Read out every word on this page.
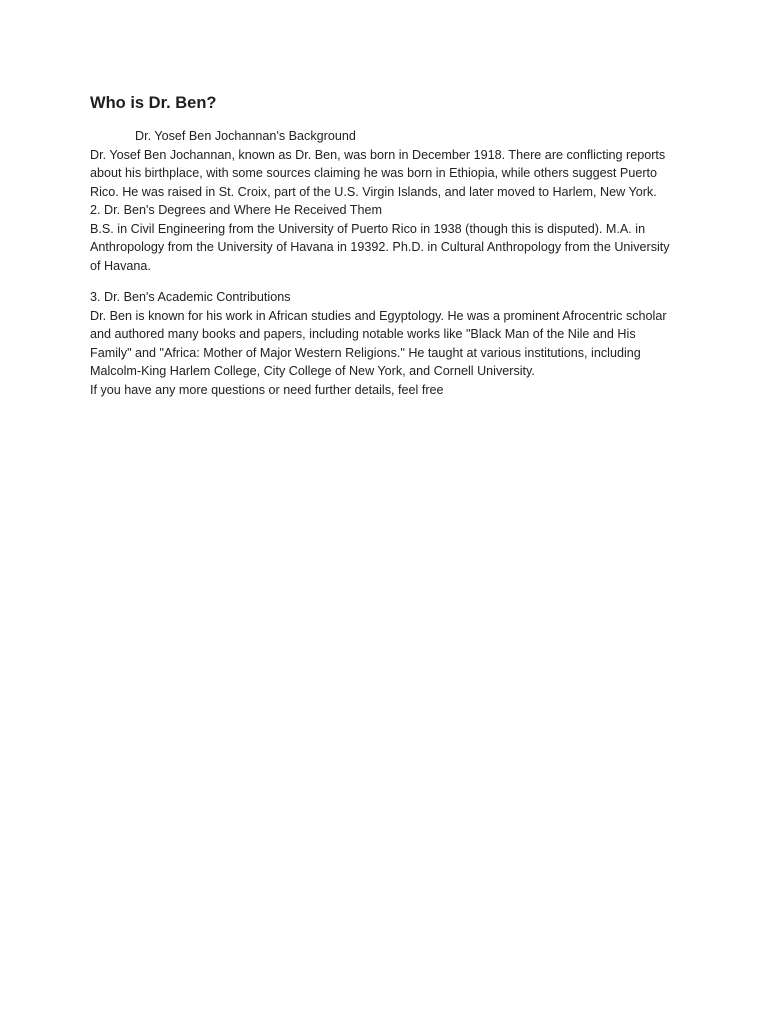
Who is Dr. Ben?

Dr. Yosef Ben Jochannan's Background

Dr. Yosef Ben Jochannan, known as Dr. Ben, was born in December 1918. There are conflicting reports about his birthplace, with some sources claiming he was born in Ethiopia, while others suggest Puerto Rico. He was raised in St. Croix, part of the U.S. Virgin Islands, and later moved to Harlem, New York.

2. Dr. Ben's Degrees and Where He Received Them

B.S. in Civil Engineering from the University of Puerto Rico in 1938 (though this is disputed). M.A. in Anthropology from the University of Havana in 19392. Ph.D. in Cultural Anthropology from the University of Havana.

3. Dr. Ben's Academic Contributions

Dr. Ben is known for his work in African studies and Egyptology. He was a prominent Afrocentric scholar and authored many books and papers, including notable works like "Black Man of the Nile and His Family" and "Africa: Mother of Major Western Religions." He taught at various institutions, including Malcolm-King Harlem College, City College of New York, and Cornell University.

If you have any more questions or need further details, feel free
